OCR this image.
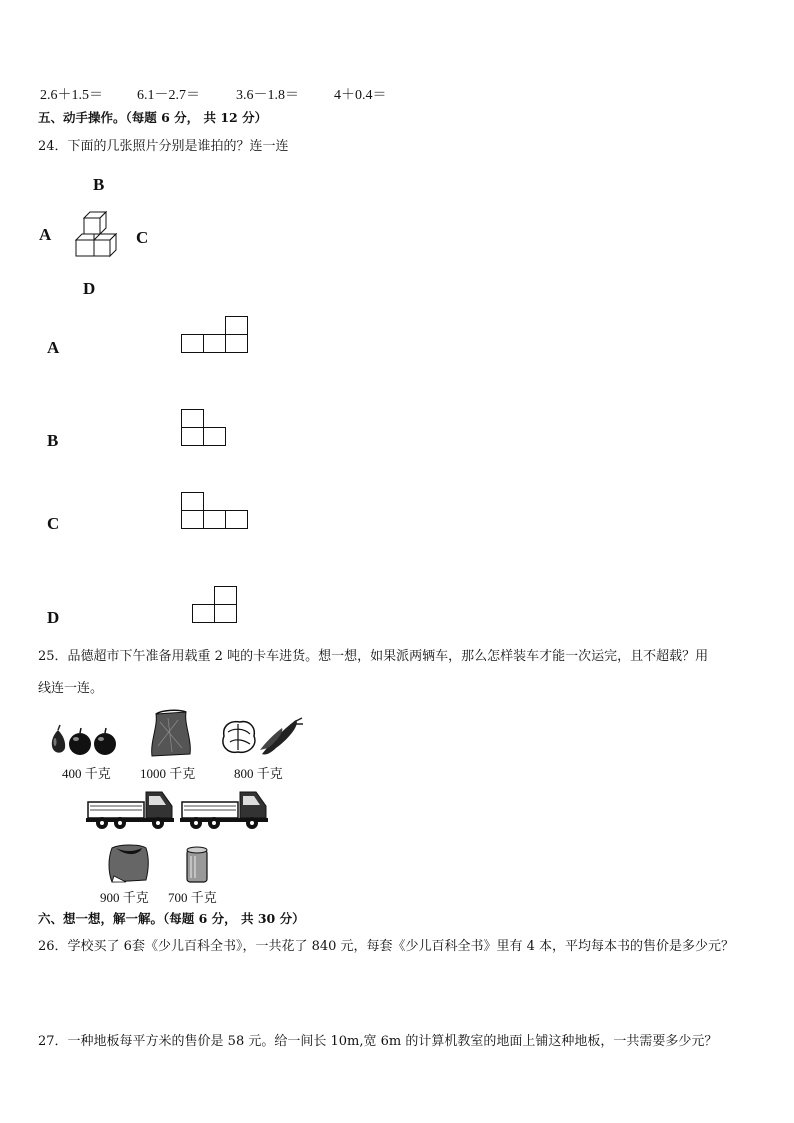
2.6＋1.5＝ 6.1－2.7＝	3.6－1.8＝	4＋0.4＝
五、动手操作。（每题 6 分， 共 12 分）
24．下面的几张照片分别是谁拍的？连一连
B
A	C
D
A
B
C
D
25．品德超市下午准备用载重 2 吨的卡车进货。想一想，如果派两辆车，那么怎样装车才能一次运完，且不超载？用
线连一连。
400 千克 1000 千克	800 千克
900 千克 700 千克
六、想一想，解一解。（每题 6 分， 共 30 分）
26．学校买了 6套《少儿百科全书》，一共花了 840 元，每套《少儿百科全书》里有 4 本，平均每本书的售价是多少元？
27．一种地板每平方米的售价是 58 元。给一间长 10m,宽 6m 的计算机教室的地面上铺这种地板，一共需要多少元？
